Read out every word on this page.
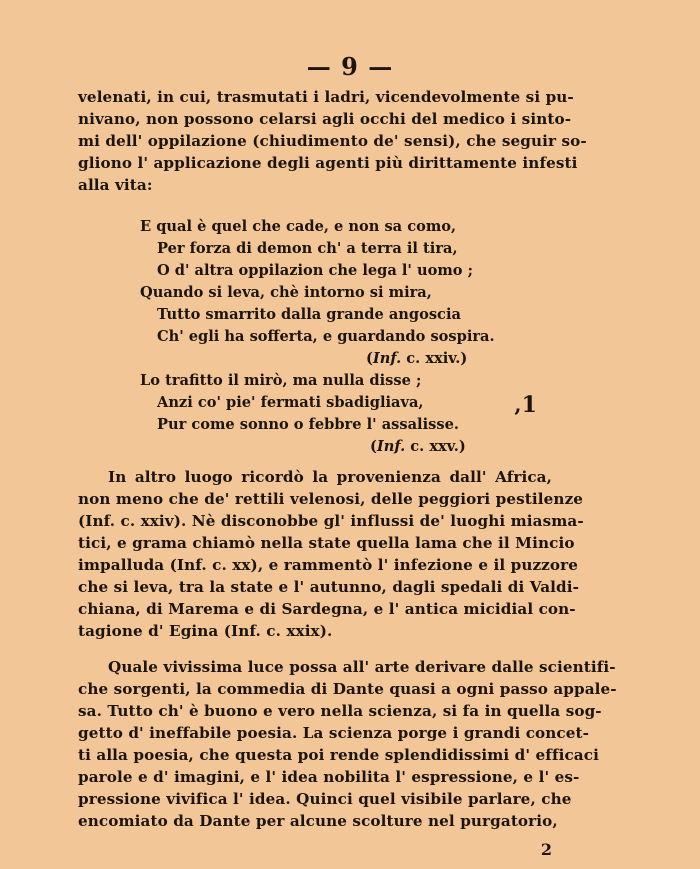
— 9 —
velenati, in cui, trasmutati i ladri, vicendevolmente si pu-
nivano, non possono celarsi agli occhi del medico i sinto-
mi dell' oppilazione (chiudimento de' sensi), che seguir so-
gliono l' applicazione degli agenti più dirittamente infesti
alla vita:
E qual è quel che cade, e non sa como,
Per forza di demon ch' a terra il tira,
O d' altra oppilazion che lega l' uomo ;
Quando si leva, chè intorno si mira,
Tutto smarrito dalla grande angoscia
Ch' egli ha sofferta, e guardando sospira.
(Inf. c. xxiv.)
Lo trafitto il mirò, ma nulla disse ;
Anzi co' pie' fermati sbadigliava,
Pur come sonno o febbre l' assalisse.
(Inf. c. xxv.)
‚1
In altro luogo ricordò la provenienza dall' Africa,
non meno che de' rettili velenosi, delle peggiori pestilenze
(Inf. c. xxiv). Nè disconobbe gl' influssi de' luoghi miasma-
tici, e grama chiamò nella state quella lama che il Mincio
impalluda (Inf. c. xx), e rammentò l' infezione e il puzzore
che si leva, tra la state e l' autunno, dagli spedali di Valdi-
chiana, di Marema e di Sardegna, e l' antica micidial con-
tagione d' Egina (Inf. c. xxix).
Quale vivissima luce possa all' arte derivare dalle scientifi-
che sorgenti, la commedia di Dante quasi a ogni passo appale-
sa. Tutto ch' è buono e vero nella scienza, si fa in quella sog-
getto d' ineffabile poesia. La scienza porge i grandi concet-
ti alla poesia, che questa poi rende splendidissimi d' efficaci
parole e d' imagini, e l' idea nobilita l' espressione, e l' es-
pressione vivifica l' idea. Quinci quel visibile parlare, che
encomiato da Dante per alcune scolture nel purgatorio,
2
